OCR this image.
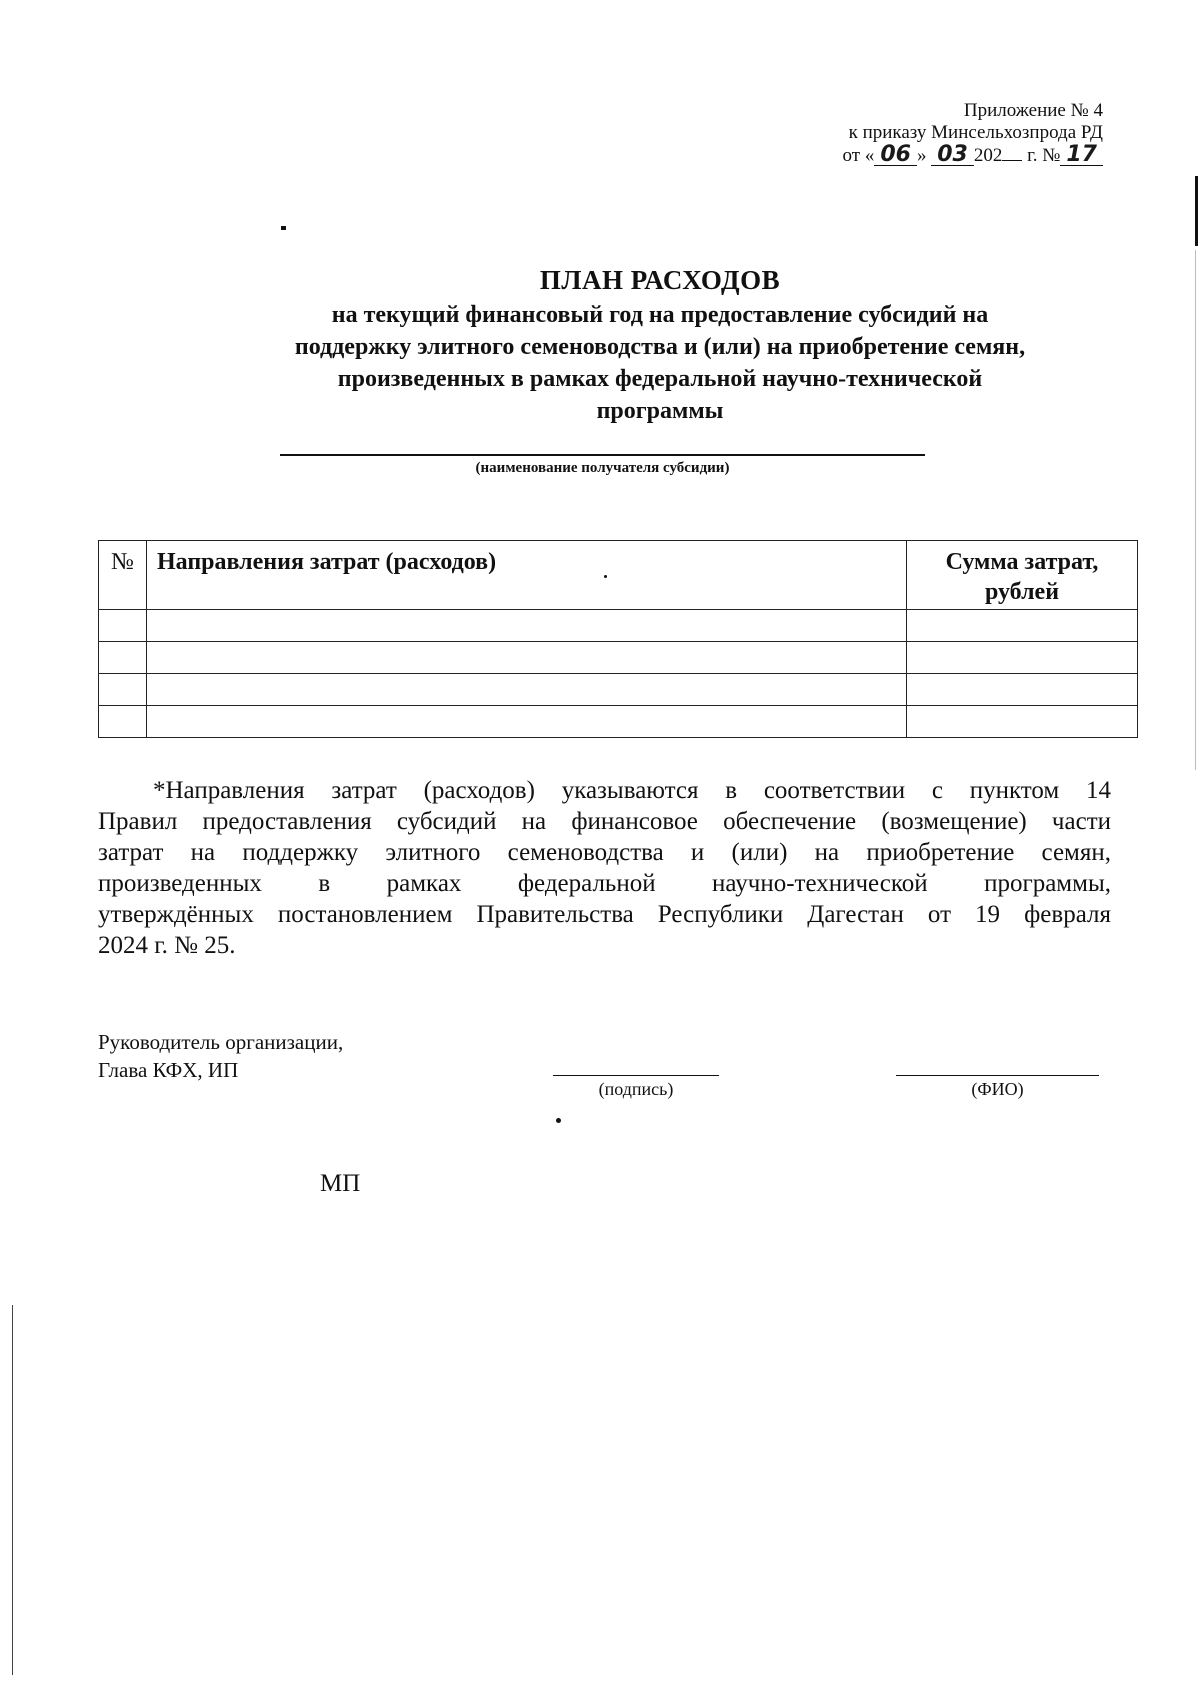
Приложение № 4
к приказу Минсельхозпрода РД
от « 06 » 03 202 г. № 17
ПЛАН РАСХОДОВ
на текущий финансовый год на предоставление субсидий на
поддержку элитного семеноводства и (или) на приобретение семян,
произведенных в рамках федеральной научно-технической
программы
(наименование получателя субсидии)
№	Направления затрат (расходов)	Сумма затрат,
рублей

*Направления затрат (расходов) указываются в соответствии с пунктом 14
Правил предоставления субсидий на финансовое обеспечение (возмещение) части
затрат на поддержку элитного семеноводства и (или) на приобретение семян,
произведенных в рамках федеральной научно-технической программы,
утверждённых постановлением Правительства Республики Дагестан от 19 февраля
2024 г. № 25.
Руководитель организации,
Глава КФХ, ИП
(подпись)	(ФИО)
МП
